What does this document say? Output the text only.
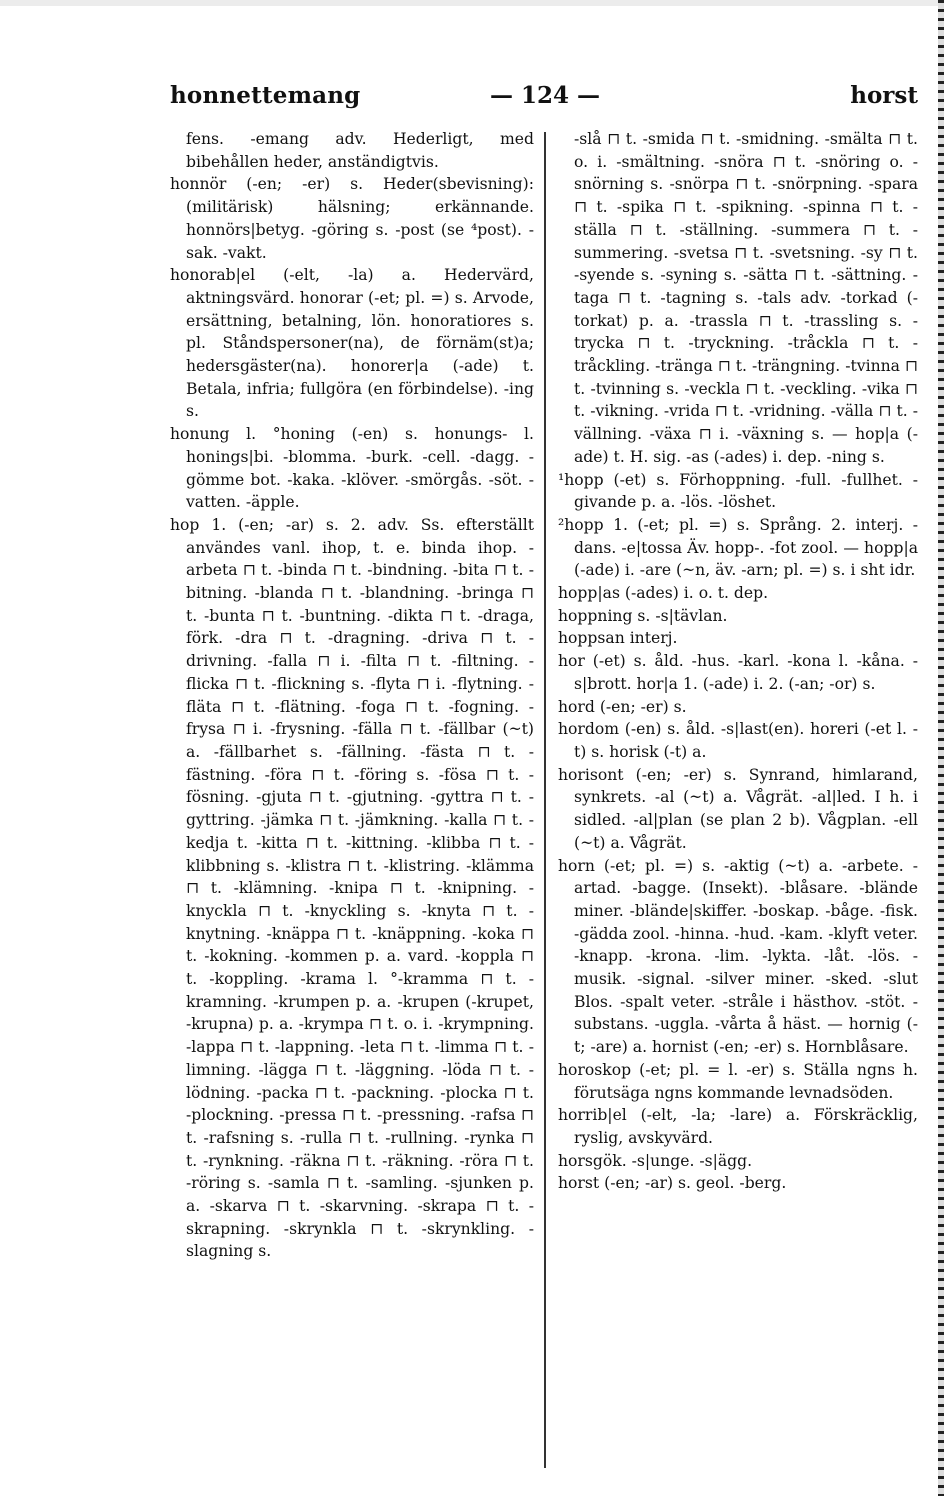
honnettemang	— 124 —	horst

fens. -emang adv. Hederligt, med bibehållen heder, anständigtvis.

honnör (-en; -er) s. Heder(sbevisning): (militärisk) hälsning; erkännande. honnörs|betyg. -göring s. -post (se ⁴post). -sak. -vakt.

honorab|el (-elt, -la) a. Hedervärd, aktningsvärd. honorar (-et; pl. =) s. Arvode, ersättning, betalning, lön. honoratiores s. pl. Ståndspersoner(na), de förnäm(st)a; hedersgäster(na). honorer|a (-ade) t. Betala, infria; fullgöra (en förbindelse). -ing s.

honung l. °honing (-en) s. honungs- l. honings|bi. -blomma. -burk. -cell. -dagg. -gömme bot. -kaka. -klöver. -smörgås. -söt. -vatten. -äpple.

hop 1. (-en; -ar) s. 2. adv. Ss. efterställt användes vanl. ihop, t. e. binda ihop. -arbeta ⊓ t. -binda ⊓ t. -bindning. -bita ⊓ t. -bitning. -blanda ⊓ t. -blandning. -bringa ⊓ t. -bunta ⊓ t. -buntning. -dikta ⊓ t. -draga, förk. -dra ⊓ t. -dragning. -driva ⊓ t. -drivning. -falla ⊓ i. -filta ⊓ t. -filtning. -flicka ⊓ t. -flickning s. -flyta ⊓ i. -flytning. -fläta ⊓ t. -flätning. -foga ⊓ t. -fogning. -frysa ⊓ i. -frysning. -fälla ⊓ t. -fällbar (~t) a. -fällbarhet s. -fällning. -fästa ⊓ t. -fästning. -föra ⊓ t. -föring s. -fösa ⊓ t. -fösning. -gjuta ⊓ t. -gjutning. -gyttra ⊓ t. -gyttring. -jämka ⊓ t. -jämkning. -kalla ⊓ t. -kedja t. -kitta ⊓ t. -kittning. -klibba ⊓ t. -klibbning s. -klistra ⊓ t. -klistring. -klämma ⊓ t. -klämning. -knipa ⊓ t. -knipning. -knyckla ⊓ t. -knyckling s. -knyta ⊓ t. -knytning. -knäppa ⊓ t. -knäppning. -koka ⊓ t. -kokning. -kommen p. a. vard. -koppla ⊓ t. -koppling. -krama l. °-kramma ⊓ t. -kramning. -krumpen p. a. -krupen (-krupet, -krupna) p. a. -krympa ⊓ t. o. i. -krympning. -lappa ⊓ t. -lappning. -leta ⊓ t. -limma ⊓ t. -limning. -lägga ⊓ t. -läggning. -löda ⊓ t. -lödning. -packa ⊓ t. -packning. -plocka ⊓ t. -plockning. -pressa ⊓ t. -pressning. -rafsa ⊓ t. -rafsning s. -rulla ⊓ t. -rullning. -rynka ⊓ t. -rynkning. -räkna ⊓ t. -räkning. -röra ⊓ t. -röring s. -samla ⊓ t. -samling. -sjunken p. a. -skarva ⊓ t. -skarvning. -skrapa ⊓ t. -skrapning. -skrynkla ⊓ t. -skrynkling. -slagning s.

-slå ⊓ t. -smida ⊓ t. -smidning. -smälta ⊓ t. o. i. -smältning. -snöra ⊓ t. -snöring o. -snörning s. -snörpa ⊓ t. -snörpning. -spara ⊓ t. -spika ⊓ t. -spikning. -spinna ⊓ t. -ställa ⊓ t. -ställning. -summera ⊓ t. -summering. -svetsa ⊓ t. -svetsning. -sy ⊓ t. -syende s. -syning s. -sätta ⊓ t. -sättning. -taga ⊓ t. -tagning s. -tals adv. -torkad (-torkat) p. a. -trassla ⊓ t. -trassling s. -trycka ⊓ t. -tryckning. -tråckla ⊓ t. -tråckling. -tränga ⊓ t. -trängning. -tvinna ⊓ t. -tvinning s. -veckla ⊓ t. -veckling. -vika ⊓ t. -vikning. -vrida ⊓ t. -vridning. -välla ⊓ t. -vällning. -växa ⊓ i. -växning s. — hop|a (-ade) t. H. sig. -as (-ades) i. dep. -ning s.

¹hopp (-et) s. Förhoppning. -full. -fullhet. -givande p. a. -lös. -löshet.

²hopp 1. (-et; pl. =) s. Språng. 2. interj. -dans. -e|tossa Äv. hopp-. -fot zool. — hopp|a (-ade) i. -are (~n, äv. -arn; pl. =) s. i sht idr.

hopp|as (-ades) i. o. t. dep.

hoppning s. -s|tävlan.

hoppsan interj.

hor (-et) s. åld. -hus. -karl. -kona l. -kåna. -s|brott. hor|a 1. (-ade) i. 2. (-an; -or) s.

hord (-en; -er) s.

hordom (-en) s. åld. -s|last(en). horeri (-et l. -t) s. horisk (-t) a.

horisont (-en; -er) s. Synrand, himlarand, synkrets. -al (~t) a. Vågrät. -al|led. I h. i sidled. -al|plan (se plan 2 b). Vågplan. -ell (~t) a. Vågrät.

horn (-et; pl. =) s. -aktig (~t) a. -arbete. -artad. -bagge. (Insekt). -blåsare. -blände miner. -blände|skiffer. -boskap. -båge. -fisk. -gädda zool. -hinna. -hud. -kam. -klyft veter. -knapp. -krona. -lim. -lykta. -låt. -lös. -musik. -signal. -silver miner. -sked. -slut Blos. -spalt veter. -stråle i hästhov. -stöt. -substans. -uggla. -vårta å häst. — hornig (-t; -are) a. hornist (-en; -er) s. Hornblåsare.

horoskop (-et; pl. = l. -er) s. Ställa ngns h. förutsäga ngns kommande levnadsöden.

horrib|el (-elt, -la; -lare) a. Förskräcklig, ryslig, avskyvärd.

horsgök. -s|unge. -s|ägg.

horst (-en; -ar) s. geol. -berg.
